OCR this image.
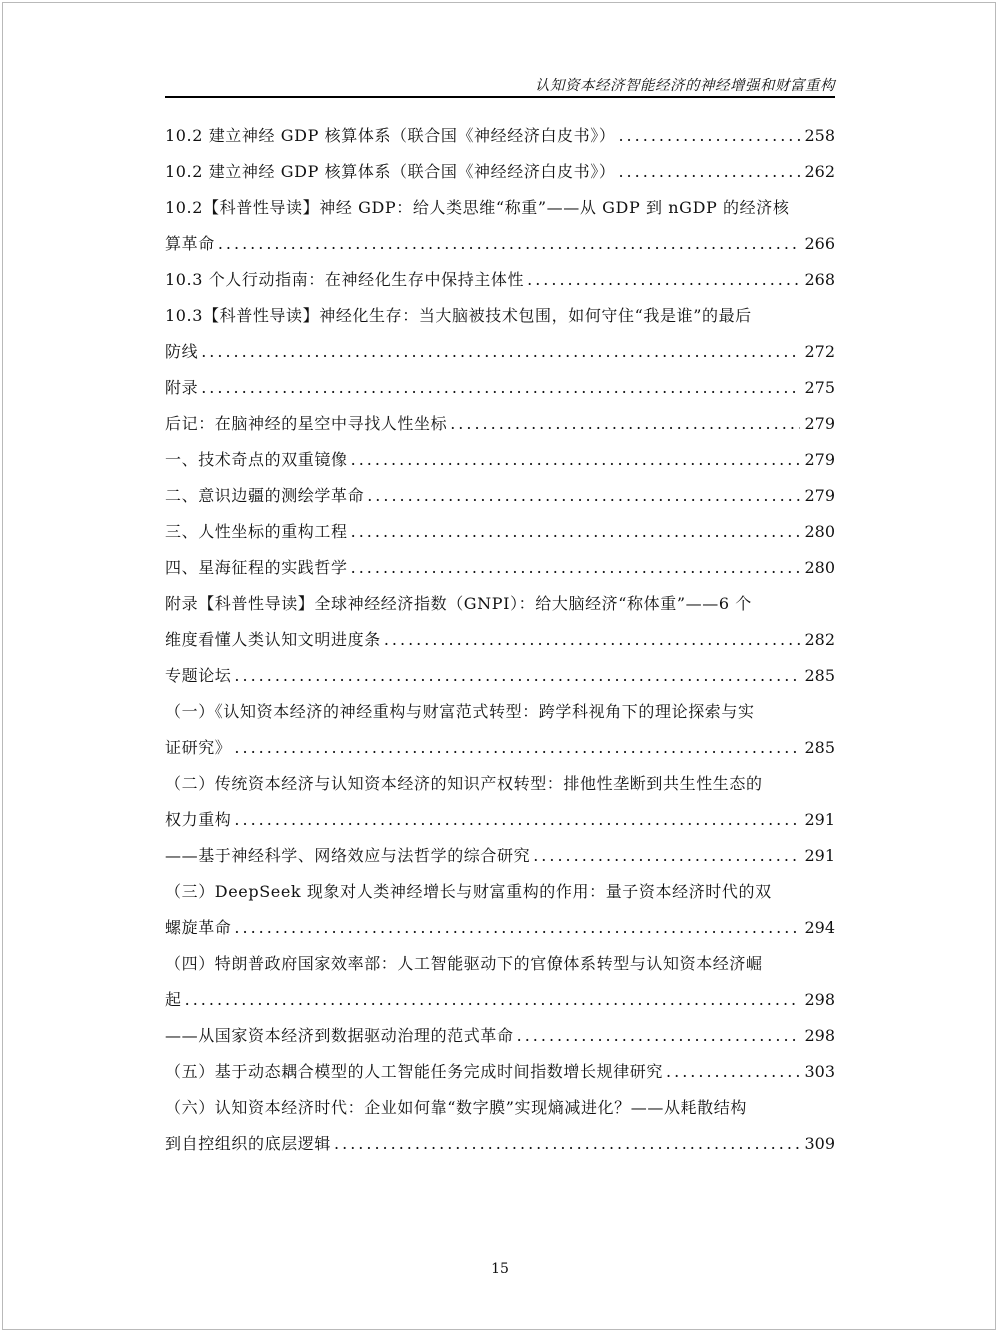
认知资本经济智能经济的神经增强和财富重构
10.2 建立神经 GDP 核算体系（联合国《神经经济白皮书》） .....	258
10.2 建立神经 GDP 核算体系（联合国《神经经济白皮书》） .....	262
10.2【科普性导读】神经 GDP：给人类思维“称重”——从 GDP 到 nGDP 的经济核
算革命 .....	266
10.3 个人行动指南：在神经化生存中保持主体性 .....	268
10.3【科普性导读】神经化生存：当大脑被技术包围，如何守住“我是谁”的最后
防线 .....	272
附录 .....	275
后记：在脑神经的星空中寻找人性坐标 .....	279
一、技术奇点的双重镜像 .....	279
二、意识边疆的测绘学革命 .....	279
三、人性坐标的重构工程 .....	280
四、星海征程的实践哲学 .....	280
附录【科普性导读】全球神经经济指数（GNPI）：给大脑经济“称体重”——6 个
维度看懂人类认知文明进度条 .....	282
专题论坛 .....	285
（一）《认知资本经济的神经重构与财富范式转型：跨学科视角下的理论探索与实
证研究》 .....	285
（二）传统资本经济与认知资本经济的知识产权转型：排他性垄断到共生性生态的
权力重构 .....	291
——基于神经科学、网络效应与法哲学的综合研究 .....	291
（三）DeepSeek 现象对人类神经增长与财富重构的作用：量子资本经济时代的双
螺旋革命 .....	294
（四）特朗普政府国家效率部：人工智能驱动下的官僚体系转型与认知资本经济崛
起 .....	298
——从国家资本经济到数据驱动治理的范式革命 .....	298
（五）基于动态耦合模型的人工智能任务完成时间指数增长规律研究 .....	303
（六）认知资本经济时代：企业如何靠“数字膜”实现熵减进化？——从耗散结构
到自控组织的底层逻辑 .....	309
15
